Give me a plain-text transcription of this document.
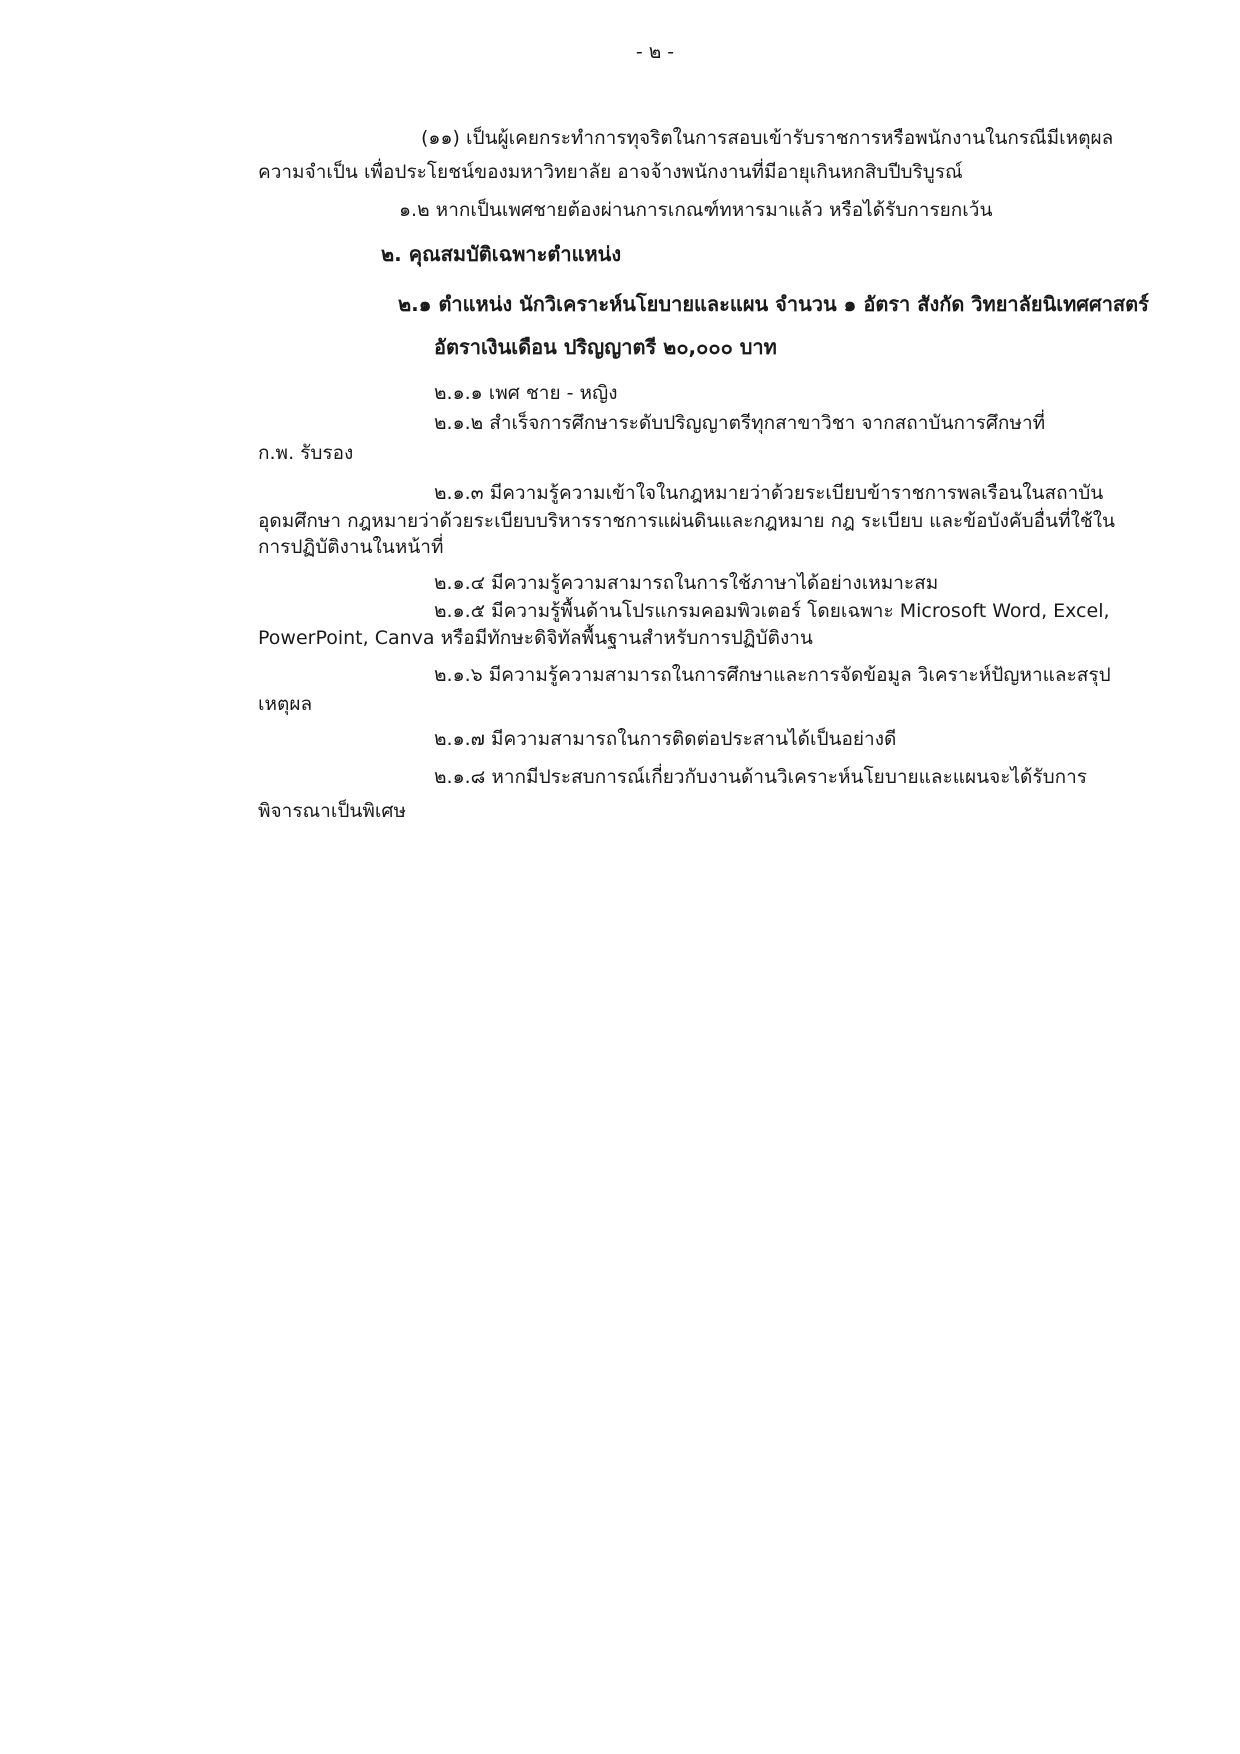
- ๒ -
(๑๑) เป็นผู้เคยกระทำการทุจริตในการสอบเข้ารับราชการหรือพนักงานในกรณีมีเหตุผล
ความจำเป็น เพื่อประโยชน์ของมหาวิทยาลัย อาจจ้างพนักงานที่มีอายุเกินหกสิบปีบริบูรณ์
๑.๒ หากเป็นเพศชายต้องผ่านการเกณฑ์ทหารมาแล้ว หรือได้รับการยกเว้น
๒. คุณสมบัติเฉพาะตำแหน่ง
๒.๑ ตำแหน่ง นักวิเคราะห์นโยบายและแผน จำนวน ๑ อัตรา สังกัด วิทยาลัยนิเทศศาสตร์
อัตราเงินเดือน ปริญญาตรี ๒๐,๐๐๐ บาท
๒.๑.๑ เพศ ชาย - หญิง
๒.๑.๒ สำเร็จการศึกษาระดับปริญญาตรีทุกสาขาวิชา จากสถาบันการศึกษาที่
ก.พ. รับรอง
๒.๑.๓ มีความรู้ความเข้าใจในกฎหมายว่าด้วยระเบียบข้าราชการพลเรือนในสถาบัน
อุดมศึกษา กฎหมายว่าด้วยระเบียบบริหารราชการแผ่นดินและกฎหมาย กฎ ระเบียบ และข้อบังคับอื่นที่ใช้ใน
การปฏิบัติงานในหน้าที่
๒.๑.๔ มีความรู้ความสามารถในการใช้ภาษาได้อย่างเหมาะสม
๒.๑.๕ มีความรู้พื้นด้านโปรแกรมคอมพิวเตอร์ โดยเฉพาะ Microsoft Word, Excel,
PowerPoint, Canva หรือมีทักษะดิจิทัลพื้นฐานสำหรับการปฏิบัติงาน
๒.๑.๖ มีความรู้ความสามารถในการศึกษาและการจัดข้อมูล วิเคราะห์ปัญหาและสรุป
เหตุผล
๒.๑.๗ มีความสามารถในการติดต่อประสานได้เป็นอย่างดี
๒.๑.๘ หากมีประสบการณ์เกี่ยวกับงานด้านวิเคราะห์นโยบายและแผนจะได้รับการ
พิจารณาเป็นพิเศษ
